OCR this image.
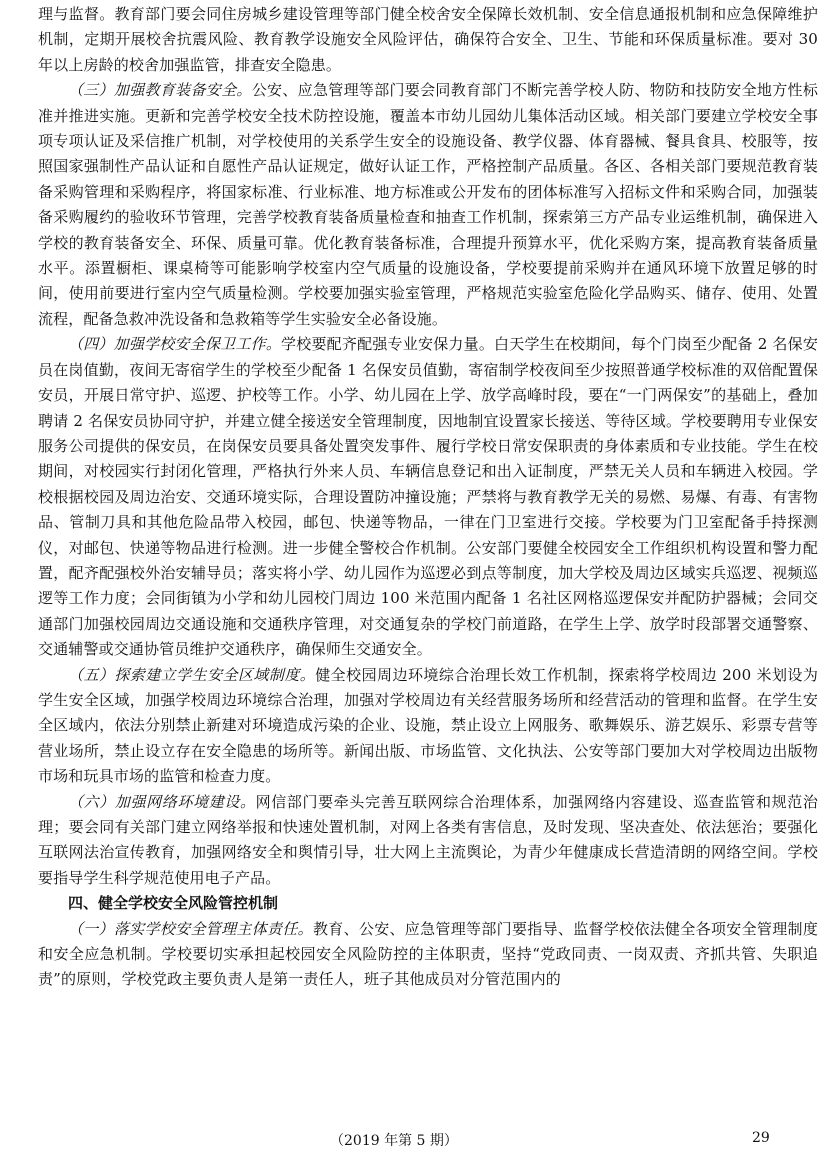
理与监督。教育部门要会同住房城乡建设管理等部门健全校舍安全保障长效机制、安全信息通报机制和应急保障维护机制，定期开展校舍抗震风险、教育教学设施安全风险评估，确保符合安全、卫生、节能和环保质量标准。要对 30 年以上房龄的校舍加强监管，排查安全隐患。

（三）加强教育装备安全。公安、应急管理等部门要会同教育部门不断完善学校人防、物防和技防安全地方性标准并推进实施。更新和完善学校安全技术防控设施，覆盖本市幼儿园幼儿集体活动区域。相关部门要建立学校安全事项专项认证及采信推广机制，对学校使用的关系学生安全的设施设备、教学仪器、体育器械、餐具食具、校服等，按照国家强制性产品认证和自愿性产品认证规定，做好认证工作，严格控制产品质量。各区、各相关部门要规范教育装备采购管理和采购程序，将国家标准、行业标准、地方标准或公开发布的团体标准写入招标文件和采购合同，加强装备采购履约的验收环节管理，完善学校教育装备质量检查和抽查工作机制，探索第三方产品专业运维机制，确保进入学校的教育装备安全、环保、质量可靠。优化教育装备标准，合理提升预算水平，优化采购方案，提高教育装备质量水平。添置橱柜、课桌椅等可能影响学校室内空气质量的设施设备，学校要提前采购并在通风环境下放置足够的时间，使用前要进行室内空气质量检测。学校要加强实验室管理，严格规范实验室危险化学品购买、储存、使用、处置流程，配备急救冲洗设备和急救箱等学生实验安全必备设施。

（四）加强学校安全保卫工作。学校要配齐配强专业安保力量。白天学生在校期间，每个门岗至少配备 2 名保安员在岗值勤，夜间无寄宿学生的学校至少配备 1 名保安员值勤，寄宿制学校夜间至少按照普通学校标准的双倍配置保安员，开展日常守护、巡逻、护校等工作。小学、幼儿园在上学、放学高峰时段，要在“一门两保安”的基础上，叠加聘请 2 名保安员协同守护，并建立健全接送安全管理制度，因地制宜设置家长接送、等待区域。学校要聘用专业保安服务公司提供的保安员，在岗保安员要具备处置突发事件、履行学校日常安保职责的身体素质和专业技能。学生在校期间，对校园实行封闭化管理，严格执行外来人员、车辆信息登记和出入证制度，严禁无关人员和车辆进入校园。学校根据校园及周边治安、交通环境实际，合理设置防冲撞设施；严禁将与教育教学无关的易燃、易爆、有毒、有害物品、管制刀具和其他危险品带入校园，邮包、快递等物品，一律在门卫室进行交接。学校要为门卫室配备手持探测仪，对邮包、快递等物品进行检测。进一步健全警校合作机制。公安部门要健全校园安全工作组织机构设置和警力配置，配齐配强校外治安辅导员；落实将小学、幼儿园作为巡逻必到点等制度，加大学校及周边区域实兵巡逻、视频巡逻等工作力度；会同街镇为小学和幼儿园校门周边 100 米范围内配备 1 名社区网格巡逻保安并配防护器械；会同交通部门加强校园周边交通设施和交通秩序管理，对交通复杂的学校门前道路，在学生上学、放学时段部署交通警察、交通辅警或交通协管员维护交通秩序，确保师生交通安全。

（五）探索建立学生安全区域制度。健全校园周边环境综合治理长效工作机制，探索将学校周边 200 米划设为学生安全区域，加强学校周边环境综合治理，加强对学校周边有关经营服务场所和经营活动的管理和监督。在学生安全区域内，依法分别禁止新建对环境造成污染的企业、设施，禁止设立上网服务、歌舞娱乐、游艺娱乐、彩票专营等营业场所，禁止设立存在安全隐患的场所等。新闻出版、市场监管、文化执法、公安等部门要加大对学校周边出版物市场和玩具市场的监管和检查力度。

（六）加强网络环境建设。网信部门要牵头完善互联网综合治理体系，加强网络内容建设、巡查监管和规范治理；要会同有关部门建立网络举报和快速处置机制，对网上各类有害信息，及时发现、坚决查处、依法惩治；要强化互联网法治宣传教育，加强网络安全和舆情引导，壮大网上主流舆论，为青少年健康成长营造清朗的网络空间。学校要指导学生科学规范使用电子产品。

四、健全学校安全风险管控机制

（一）落实学校安全管理主体责任。教育、公安、应急管理等部门要指导、监督学校依法健全各项安全管理制度和安全应急机制。学校要切实承担起校园安全风险防控的主体职责，坚持“党政同责、一岗双责、齐抓共管、失职追责”的原则，学校党政主要负责人是第一责任人，班子其他成员对分管范围内的

（2019 年第 5 期）	29
